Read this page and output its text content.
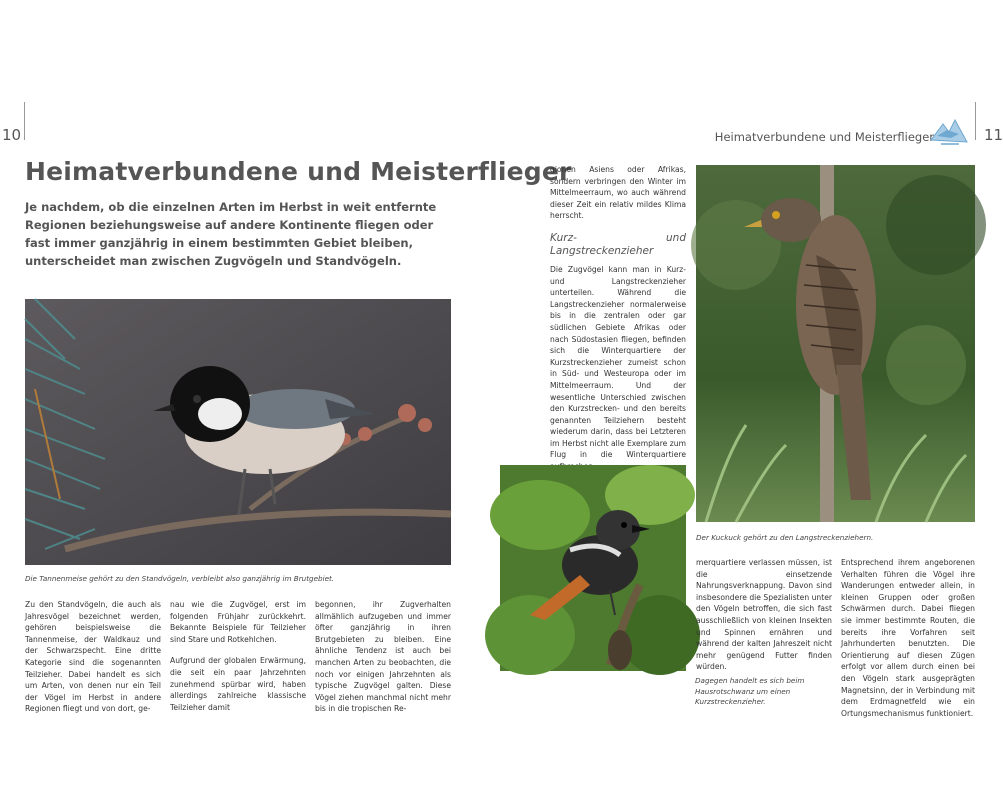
10
Heimatverbundene und Meisterflieger
Je nachdem, ob die einzelnen Arten im Herbst in weit entfernte Regionen beziehungsweise auf andere Kontinente fliegen oder fast immer ganzjährig in einem bestimmten Gebiet bleiben, unterscheidet man zwischen Zugvögeln und Standvögeln.
Die Tannenmeise gehört zu den Standvögeln, verbleibt also ganzjährig im Brutgebiet.

Zu den Standvögeln, die auch als Jahresvögel bezeichnet werden, gehören beispielsweise die Tannenmeise, der Waldkauz und der Schwarzspecht. Eine dritte Kategorie sind die sogenannten Teilzieher. Dabei handelt es sich um Arten, von denen nur ein Teil der Vögel im Herbst in andere Regionen fliegt und von dort, ge-

nau wie die Zugvögel, erst im folgenden Frühjahr zurückkehrt. Bekannte Beispiele für Teilzieher sind Stare und Rotkehlchen.

Aufgrund der globalen Erwärmung, die seit ein paar Jahrzehnten zunehmend spürbar wird, haben allerdings zahlreiche klassische Teilzieher damit

begonnen, ihr Zugverhalten allmählich aufzugeben und immer öfter ganzjährig in ihren Brutgebieten zu bleiben. Eine ähnliche Tendenz ist auch bei manchen Arten zu beobachten, die noch vor einigen Jahrzehnten als typische Zugvögel galten. Diese Vögel ziehen manchmal nicht mehr bis in die tropischen Re-

Heimatverbundene und Meisterflieger	11

gionen Asiens oder Afrikas, sondern verbringen den Winter im Mittelmeerraum, wo auch während dieser Zeit ein relativ mildes Klima herrscht.

Kurz- und Langstreckenzieher

Die Zugvögel kann man in Kurz- und Langstreckenzieher unterteilen. Während die Langstreckenzieher normalerweise bis in die zentralen oder gar südlichen Gebiete Afrikas oder nach Südostasien fliegen, befinden sich die Winterquartiere der Kurzstreckenzieher zumeist schon in Süd- und Westeuropa oder im Mittelmeerraum. Und der wesentliche Unterschied zwischen den Kurzstrecken- und den bereits genannten Teilziehern besteht wiederum darin, dass bei Letzteren im Herbst nicht alle Exemplare zum Flug in die Winterquartiere

Der Kuckuck gehört zu den Langstreckenziehern.
Dagegen handelt es sich beim Hausrotschwanz um einen Kurzstreckenzieher.

merquartiere verlassen müssen, ist die einsetzende Nahrungsverknappung. Davon sind insbesondere die Spezialisten unter den Vögeln betroffen, die sich fast ausschließlich von kleinen Insekten und Spinnen ernähren und während der kalten Jahreszeit nicht mehr genügend Futter finden würden.

Entsprechend ihrem angeborenen Verhalten führen die Vögel ihre Wanderungen entweder allein, in kleinen Gruppen oder großen Schwärmen durch. Dabei fliegen sie immer bestimmte Routen, die bereits ihre Vorfahren seit Jahrhunderten benutzten. Die Orientierung auf diesen Zügen erfolgt vor allem durch einen bei den Vögeln stark ausgeprägten Magnetsinn, der in Verbindung mit dem Erdmagnetfeld wie ein Ortungsmechanismus funktioniert.
